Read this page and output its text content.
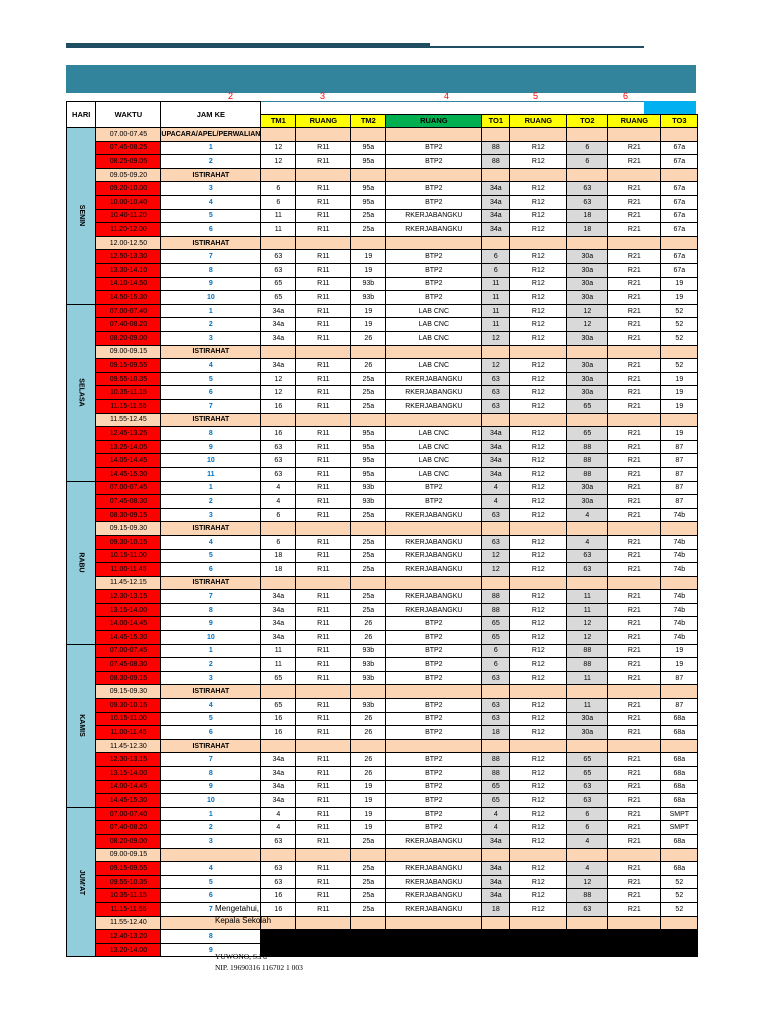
2	3	4	5	6
HARI	WAKTU	JAM KE									
			TM1	RUANG	TM2	RUANG	TO1	RUANG	TO2	RUANG	TO3
SENIN	07.00-07.45	UPACARA/APEL/PERWALIAN									
	07.45-08.25	1	12	R11	95a	BTP2	88	R12	6	R21	67a
	08.25-09.05	2	12	R11	95a	BTP2	88	R12	6	R21	67a
	09.05-09.20	ISTIRAHAT									
	09.20-10.00	3	6	R11	95a	BTP2	34a	R12	63	R21	67a
	10.00-10.40	4	6	R11	95a	BTP2	34a	R12	63	R21	67a
	10.40-11.20	5	11	R11	25a	RKERJABANGKU	34a	R12	18	R21	67a
	11.20-12.00	6	11	R11	25a	RKERJABANGKU	34a	R12	18	R21	67a
	12.00-12.50	ISTIRAHAT									
	12.50-13.30	7	63	R11	19	BTP2	6	R12	30a	R21	67a
	13.30-14.10	8	63	R11	19	BTP2	6	R12	30a	R21	67a
	14.10-14.50	9	65	R11	93b	BTP2	11	R12	30a	R21	19
	14.50-15.30	10	65	R11	93b	BTP2	11	R12	30a	R21	19
SELASA	07.00-07.40	1	34a	R11	19	LAB CNC	11	R12	12	R21	52
	07.40-08.20	2	34a	R11	19	LAB CNC	11	R12	12	R21	52
	08.20-09.00	3	34a	R11	26	LAB CNC	12	R12	30a	R21	52
	09.00-09.15	ISTIRAHAT									
	09.15-09.55	4	34a	R11	26	LAB CNC	12	R12	30a	R21	52
	09.55-10.35	5	12	R11	25a	RKERJABANGKU	63	R12	30a	R21	19
	10.35-11.15	6	12	R11	25a	RKERJABANGKU	63	R12	30a	R21	19
	11.15-11.55	7	16	R11	25a	RKERJABANGKU	63	R12	65	R21	19
	11.55-12.45	ISTIRAHAT									
	12.45-13.25	8	16	R11	95a	LAB CNC	34a	R12	65	R21	19
	13.25-14.05	9	63	R11	95a	LAB CNC	34a	R12	88	R21	87
	14.05-14.45	10	63	R11	95a	LAB CNC	34a	R12	88	R21	87
	14.45-15.30	11	63	R11	95a	LAB CNC	34a	R12	88	R21	87
RABU	07.00-07.45	1	4	R11	93b	BTP2	4	R12	30a	R21	87
	07.45-08.30	2	4	R11	93b	BTP2	4	R12	30a	R21	87
	08.30-09.15	3	6	R11	25a	RKERJABANGKU	63	R12	4	R21	74b
	09.15-09.30	ISTIRAHAT									
	09.30-10.15	4	6	R11	25a	RKERJABANGKU	63	R12	4	R21	74b
	10.15-11.00	5	18	R11	25a	RKERJABANGKU	12	R12	63	R21	74b
	11.00-11.45	6	18	R11	25a	RKERJABANGKU	12	R12	63	R21	74b
	11.45-12.15	ISTIRAHAT									
	12.30-13.15	7	34a	R11	25a	RKERJABANGKU	88	R12	11	R21	74b
	13.15-14.00	8	34a	R11	25a	RKERJABANGKU	88	R12	11	R21	74b
	14.00-14.45	9	34a	R11	26	BTP2	65	R12	12	R21	74b
	14.45-15.30	10	34a	R11	26	BTP2	65	R12	12	R21	74b
KAMIS	07.00-07.45	1	11	R11	93b	BTP2	6	R12	88	R21	19
	07.45-08.30	2	11	R11	93b	BTP2	6	R12	88	R21	19
	08.30-09.15	3	65	R11	93b	BTP2	63	R12	11	R21	87
	09.15-09.30	ISTIRAHAT									
	09.30-10.15	4	65	R11	93b	BTP2	63	R12	11	R21	87
	10.15-11.00	5	16	R11	26	BTP2	63	R12	30a	R21	68a
	11.00-11.45	6	16	R11	26	BTP2	18	R12	30a	R21	68a
	11.45-12.30	ISTIRAHAT									
	12.30-13.15	7	34a	R11	26	BTP2	88	R12	65	R21	68a
	13.15-14.00	8	34a	R11	26	BTP2	88	R12	65	R21	68a
	14.00-14.45	9	34a	R11	19	BTP2	65	R12	63	R21	68a
	14.45-15.30	10	34a	R11	19	BTP2	65	R12	63	R21	68a
JUM'AT	07.00-07.40	1	4	R11	19	BTP2	4	R12	6	R21	SMPT
	07.40-08.20	2	4	R11	19	BTP2	4	R12	6	R21	SMPT
	08.20-09.00	3	63	R11	25a	RKERJABANGKU	34a	R12	4	R21	68a
	09.00-09.15										
	09.15-09.55	4	63	R11	25a	RKERJABANGKU	34a	R12	4	R21	68a
	09.55-10.35	5	63	R11	25a	RKERJABANGKU	34a	R12	12	R21	52
	10.35-11.15	6	16	R11	25a	RKERJABANGKU	34a	R12	88	R21	52
	11.15-11.55	7	16	R11	25a	RKERJABANGKU	18	R12	63	R21	52
	11.55-12.40										
	12.40-13.20	8									
	13.20-14.00	9									
Mengetahui,
Kepala Sekolah
YUWONO, S.Pd
NIP. 19690316 116702 1 003
